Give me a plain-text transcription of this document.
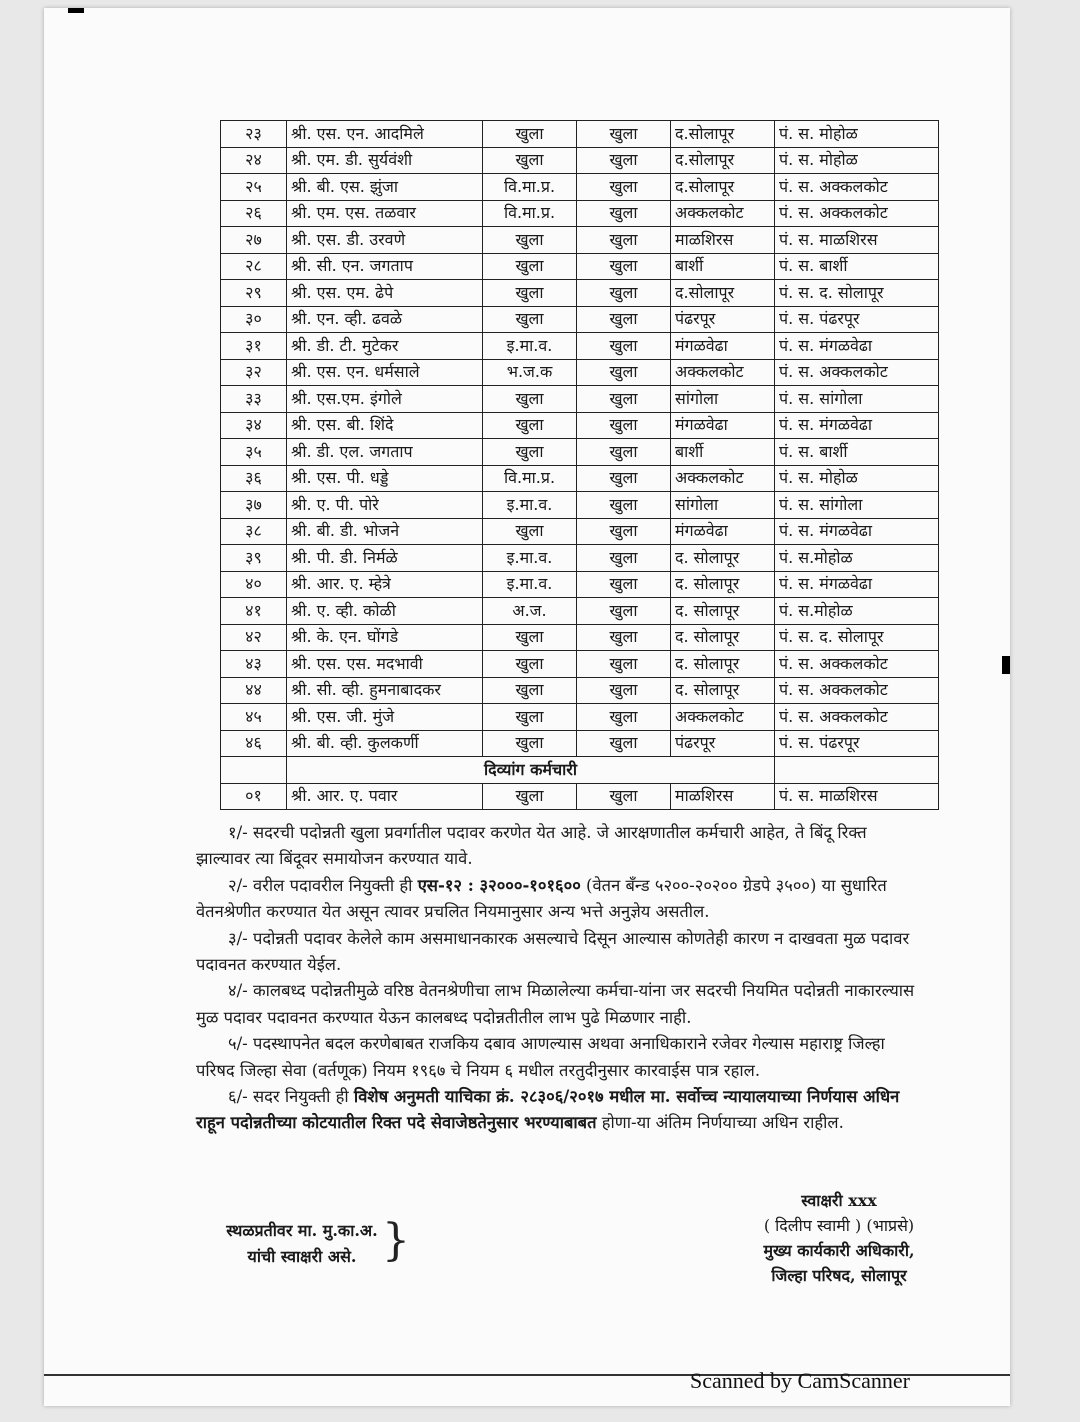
२३	श्री. एस. एन. आदमिले	खुला	खुला	द.सोलापूर	पं. स. मोहोळ
२४	श्री. एम. डी. सुर्यवंशी	खुला	खुला	द.सोलापूर	पं. स. मोहोळ
२५	श्री. बी. एस. झुंजा	वि.मा.प्र.	खुला	द.सोलापूर	पं. स. अक्कलकोट
२६	श्री. एम. एस. तळवार	वि.मा.प्र.	खुला	अक्कलकोट	पं. स. अक्कलकोट
२७	श्री. एस. डी. उरवणे	खुला	खुला	माळशिरस	पं. स. माळशिरस
२८	श्री. सी. एन. जगताप	खुला	खुला	बार्शी	पं. स. बार्शी
२९	श्री. एस. एम. ढेपे	खुला	खुला	द.सोलापूर	पं. स. द. सोलापूर
३०	श्री. एन. व्ही. ढवळे	खुला	खुला	पंढरपूर	पं. स. पंढरपूर
३१	श्री. डी. टी. मुटेकर	इ.मा.व.	खुला	मंगळवेढा	पं. स. मंगळवेढा
३२	श्री. एस. एन. धर्मसाले	भ.ज.क	खुला	अक्कलकोट	पं. स. अक्कलकोट
३३	श्री. एस.एम. इंगोले	खुला	खुला	सांगोला	पं. स. सांगोला
३४	श्री. एस. बी. शिंदे	खुला	खुला	मंगळवेढा	पं. स. मंगळवेढा
३५	श्री. डी. एल. जगताप	खुला	खुला	बार्शी	पं. स. बार्शी
३६	श्री. एस. पी. धड्डे	वि.मा.प्र.	खुला	अक्कलकोट	पं. स. मोहोळ
३७	श्री. ए. पी. पोरे	इ.मा.व.	खुला	सांगोला	पं. स. सांगोला
३८	श्री. बी. डी. भोजने	खुला	खुला	मंगळवेढा	पं. स. मंगळवेढा
३९	श्री. पी. डी. निर्मळे	इ.मा.व.	खुला	द. सोलापूर	पं. स.मोहोळ
४०	श्री. आर. ए. म्हेत्रे	इ.मा.व.	खुला	द. सोलापूर	पं. स. मंगळवेढा
४१	श्री. ए. व्ही. कोळी	अ.ज.	खुला	द. सोलापूर	पं. स.मोहोळ
४२	श्री. के. एन. घोंगडे	खुला	खुला	द. सोलापूर	पं. स. द. सोलापूर
४३	श्री. एस. एस. मदभावी	खुला	खुला	द. सोलापूर	पं. स. अक्कलकोट
४४	श्री. सी. व्ही. हुमनाबादकर	खुला	खुला	द. सोलापूर	पं. स. अक्कलकोट
४५	श्री. एस. जी. मुंजे	खुला	खुला	अक्कलकोट	पं. स. अक्कलकोट
४६	श्री. बी. व्ही. कुलकर्णी	खुला	खुला	पंढरपूर	पं. स. पंढरपूर
	दिव्यांग कर्मचारी				
०१	श्री. आर. ए. पवार	खुला	खुला	माळशिरस	पं. स. माळशिरस

१/- सदरची पदोन्नती खुला प्रवर्गातील पदावर करणेत येत आहे. जे आरक्षणातील कर्मचारी आहेत, ते बिंदू रिक्त झाल्यावर त्या बिंदूवर समायोजन करण्यात यावे.

२/- वरील पदावरील नियुक्ती ही एस-१२ : ३२०००-१०१६०० (वेतन बँन्ड ५२००-२०२०० ग्रेडपे ३५००) या सुधारित वेतनश्रेणीत करण्यात येत असून त्यावर प्रचलित नियमानुसार अन्य भत्ते अनुज्ञेय असतील.

३/- पदोन्नती पदावर केलेले काम असमाधानकारक असल्याचे दिसून आल्यास कोणतेही कारण न दाखवता मुळ पदावर पदावनत करण्यात येईल.

४/- कालबध्द पदोन्नतीमुळे वरिष्ठ वेतनश्रेणीचा लाभ मिळालेल्या कर्मचा-यांना जर सदरची नियमित पदोन्नती नाकारल्यास मुळ पदावर पदावनत करण्यात येऊन कालबध्द पदोन्नतीतील लाभ पुढे मिळणार नाही.

५/- पदस्थापनेत बदल करणेबाबत राजकिय दबाव आणल्यास अथवा अनाधिकाराने रजेवर गेल्यास महाराष्ट्र जिल्हा परिषद जिल्हा सेवा (वर्तणूक) नियम १९६७ चे नियम ६ मधील तरतुदीनुसार कारवाईस पात्र रहाल.

६/- सदर नियुक्ती ही विशेष अनुमती याचिका क्रं. २८३०६/२०१७ मधील मा. सर्वोच्च न्यायालयाच्या निर्णयास अधिन राहून पदोन्नतीच्या कोटयातील रिक्त पदे सेवाजेष्ठतेनुसार भरण्याबाबत होणा-या अंतिम निर्णयाच्या अधिन राहील.

स्थळप्रतीवर मा. मु.का.अ.
यांची स्वाक्षरी असे. }
स्वाक्षरी xxx
( दिलीप स्वामी ) (भाप्रसे)
मुख्य कार्यकारी अधिकारी,
जिल्हा परिषद, सोलापूर
Scanned by CamScanner
